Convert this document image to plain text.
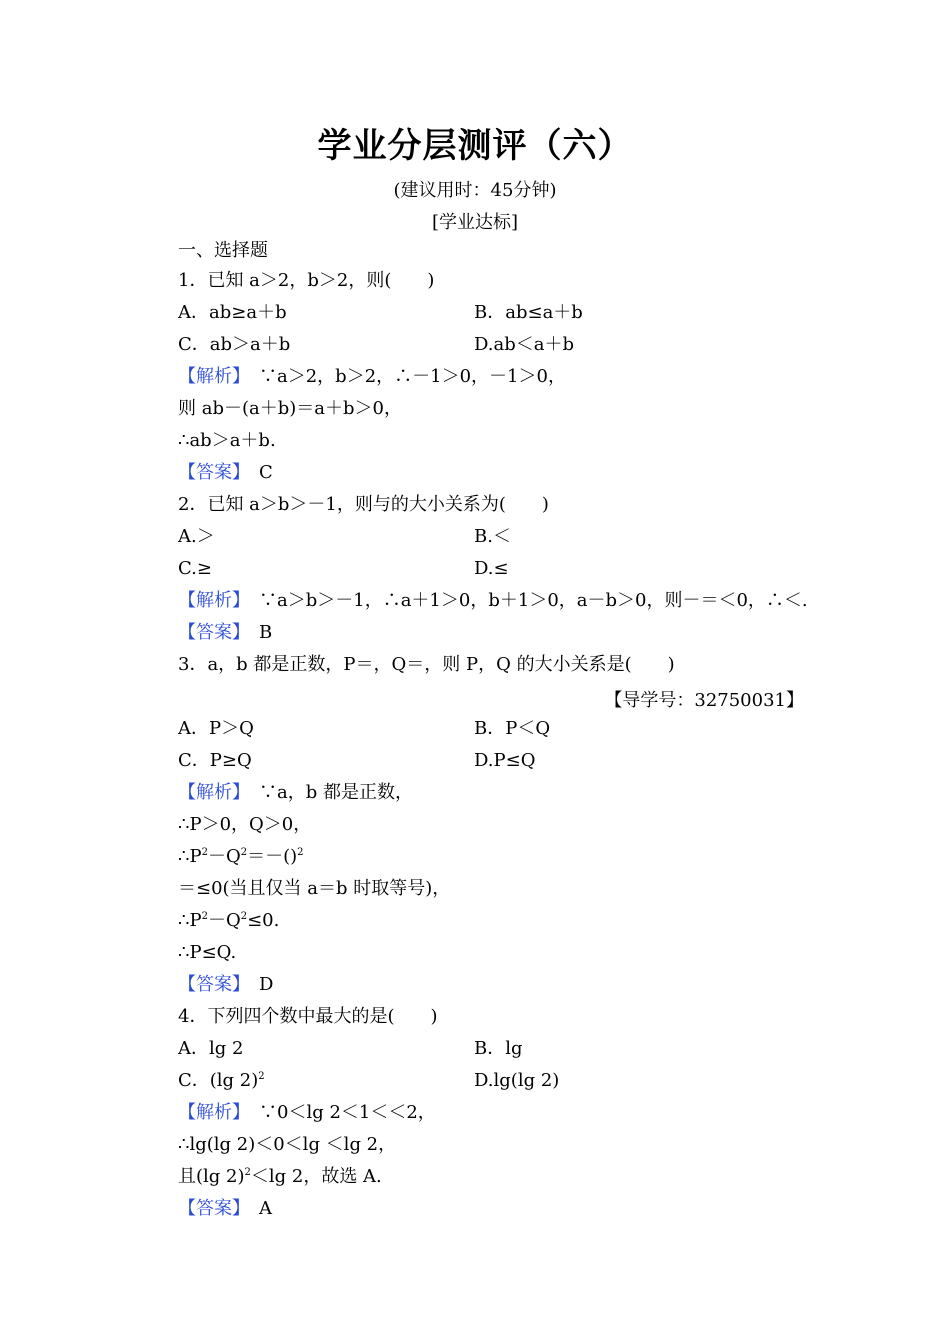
学业分层测评（六）
(建议用时：45分钟)
[学业达标]
一、选择题
1．已知 a＞2，b＞2，则(　　)
A．ab≥a＋b	B．ab≤a＋b
C．ab＞a＋b	D.ab＜a＋b
【解析】　∵a＞2，b＞2，∴－1＞0，－1＞0，
则 ab－(a＋b)＝a＋b＞0，
∴ab＞a＋b.
【答案】　C
2．已知 a＞b＞－1，则与的大小关系为(　　)
A.＞	B.＜
C.≥	D.≤
【解析】　∵a＞b＞－1，∴a＋1＞0，b＋1＞0，a－b＞0，则－＝＜0，∴＜.
【答案】　B
3．a，b 都是正数，P＝，Q＝，则 P，Q 的大小关系是(　　)
【导学号：32750031】
A．P＞Q	B．P＜Q
C．P≥Q	D.P≤Q
【解析】　∵a，b 都是正数，
∴P＞0，Q＞0，
$\therefore P^2-Q^2=-()^2$
＝≤0(当且仅当 a＝b 时取等号)，
$\therefore P^2-Q^2\le 0$.
∴P≤Q.
【答案】　D
4．下列四个数中最大的是(　　)
A．lg 2	B．lg
C．(lg 2)$^2$	D.lg(lg 2)
【解析】　∵0＜lg 2＜1＜＜2，
∴lg(lg 2)＜0＜lg ＜lg 2，
且(lg 2)$^2$＜lg 2，故选 A.
【答案】　A
